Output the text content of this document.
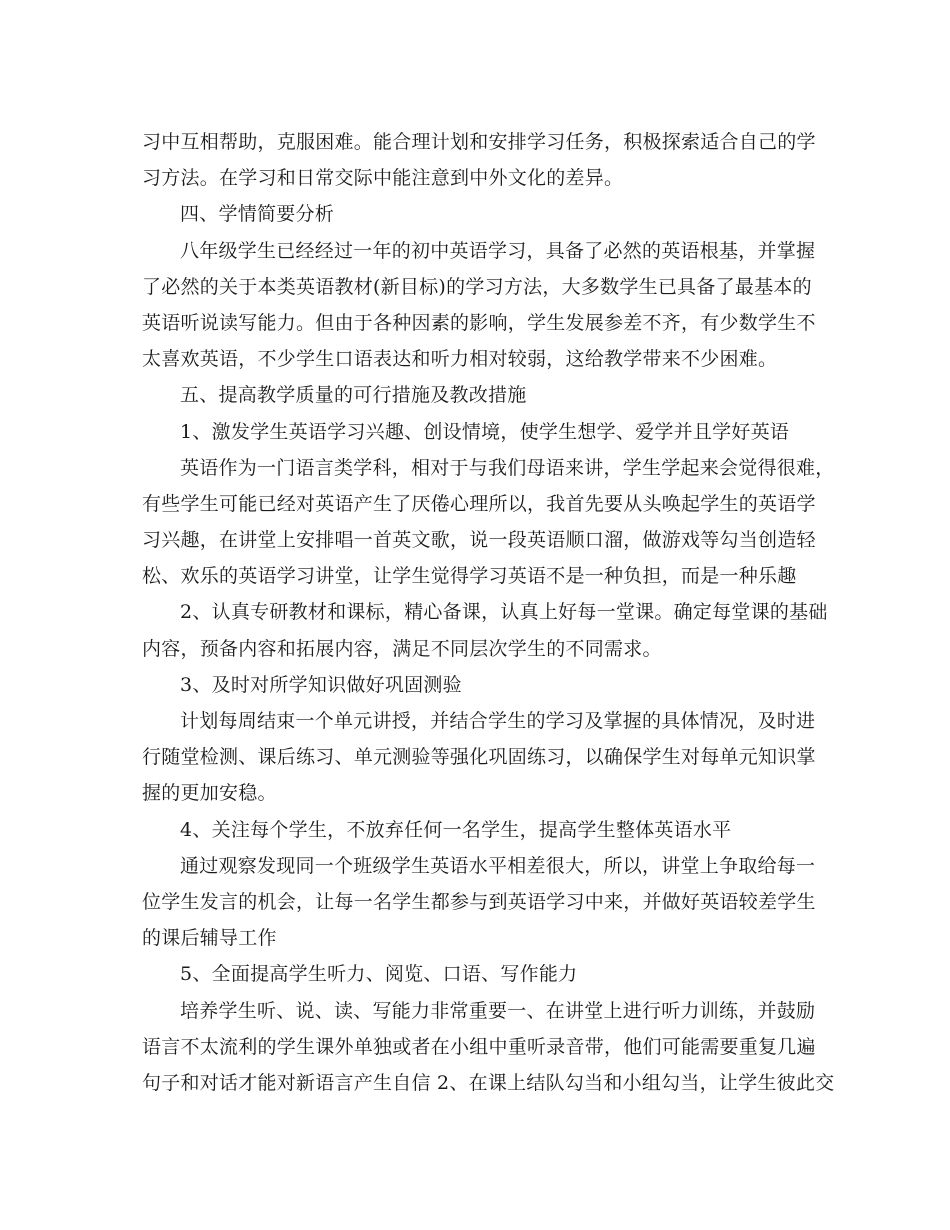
习中互相帮助，克服困难。能合理计划和安排学习任务，积极探索适合自己的学
习方法。在学习和日常交际中能注意到中外文化的差异。
四、学情简要分析
八年级学生已经经过一年的初中英语学习，具备了必然的英语根基，并掌握
了必然的关于本类英语教材(新目标)的学习方法，大多数学生已具备了最基本的
英语听说读写能力。但由于各种因素的影响，学生发展参差不齐，有少数学生不
太喜欢英语，不少学生口语表达和听力相对较弱，这给教学带来不少困难。
五、提高教学质量的可行措施及教改措施
1、激发学生英语学习兴趣、创设情境，使学生想学、爱学并且学好英语
英语作为一门语言类学科，相对于与我们母语来讲，学生学起来会觉得很难，
有些学生可能已经对英语产生了厌倦心理所以，我首先要从头唤起学生的英语学
习兴趣，在讲堂上安排唱一首英文歌，说一段英语顺口溜，做游戏等勾当创造轻
松、欢乐的英语学习讲堂，让学生觉得学习英语不是一种负担，而是一种乐趣
2、认真专研教材和课标，精心备课，认真上好每一堂课。确定每堂课的基础
内容，预备内容和拓展内容，满足不同层次学生的不同需求。
3、及时对所学知识做好巩固测验
计划每周结束一个单元讲授，并结合学生的学习及掌握的具体情况，及时进
行随堂检测、课后练习、单元测验等强化巩固练习，以确保学生对每单元知识掌
握的更加安稳。
4、关注每个学生，不放弃任何一名学生，提高学生整体英语水平
通过观察发现同一个班级学生英语水平相差很大，所以，讲堂上争取给每一
位学生发言的机会，让每一名学生都参与到英语学习中来，并做好英语较差学生
的课后辅导工作
5、全面提高学生听力、阅览、口语、写作能力
培养学生听、说、读、写能力非常重要一、在讲堂上进行听力训练，并鼓励
语言不太流利的学生课外单独或者在小组中重听录音带，他们可能需要重复几遍
句子和对话才能对新语言产生自信 2、在课上结队勾当和小组勾当，让学生彼此交
